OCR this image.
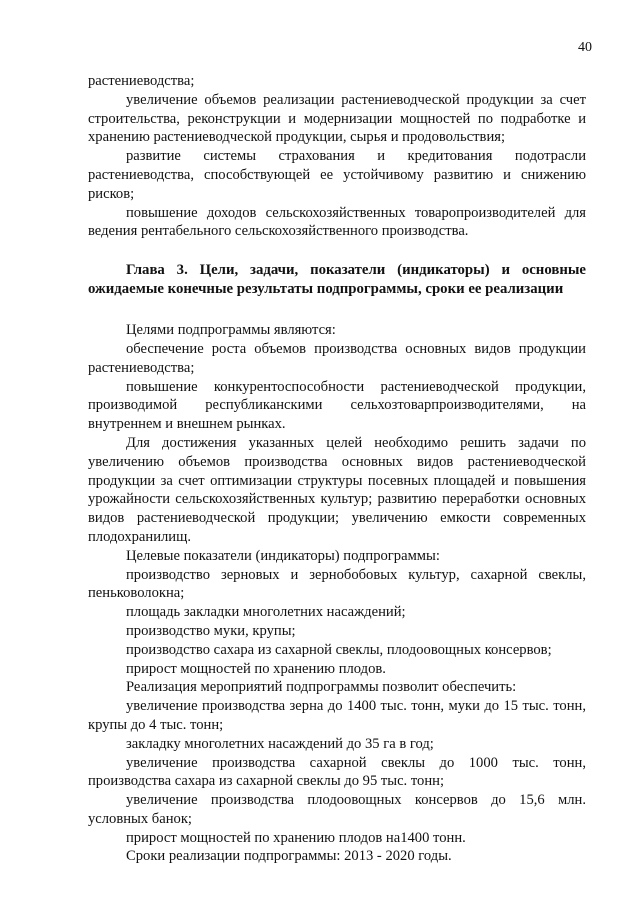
40

растениеводства;

увеличение объемов реализации растениеводческой продукции за счет строительства, реконструкции и модернизации мощностей по подработке и хранению растениеводческой продукции, сырья и продовольствия;

развитие системы страхования и кредитования подотрасли растениеводства, способствующей ее устойчивому развитию и снижению рисков;

повышение доходов сельскохозяйственных товаропроизводителей для ведения рентабельного сельскохозяйственного производства.

Глава 3. Цели, задачи, показатели (индикаторы) и основные ожидаемые конечные результаты подпрограммы, сроки ее реализации

Целями подпрограммы являются:

обеспечение роста объемов производства основных видов продукции растениеводства;

повышение конкурентоспособности растениеводческой продукции, производимой республиканскими сельхозтоварпроизводителями, на внутреннем и внешнем рынках.

Для достижения указанных целей необходимо решить задачи по увеличению объемов производства основных видов растениеводческой продукции за счет оптимизации структуры посевных площадей и повышения урожайности сельскохозяйственных культур; развитию переработки основных видов растениеводческой продукции; увеличению емкости современных плодохранилищ.

Целевые показатели (индикаторы) подпрограммы:

производство зерновых и зернобобовых культур, сахарной свеклы, пеньковолокна;

площадь закладки многолетних насаждений;

производство муки, крупы;

производство сахара из сахарной свеклы, плодоовощных консервов;

прирост мощностей по хранению плодов.

Реализация мероприятий подпрограммы позволит обеспечить:

увеличение производства зерна до 1400 тыс. тонн, муки до 15 тыс. тонн, крупы до 4 тыс. тонн;

закладку многолетних насаждений до 35 га в год;

увеличение производства сахарной свеклы до 1000 тыс. тонн, производства сахара из сахарной свеклы до 95 тыс. тонн;

увеличение производства плодоовощных консервов до 15,6 млн. условных банок;

прирост мощностей по хранению плодов на1400 тонн.

Сроки реализации подпрограммы: 2013 - 2020 годы.
